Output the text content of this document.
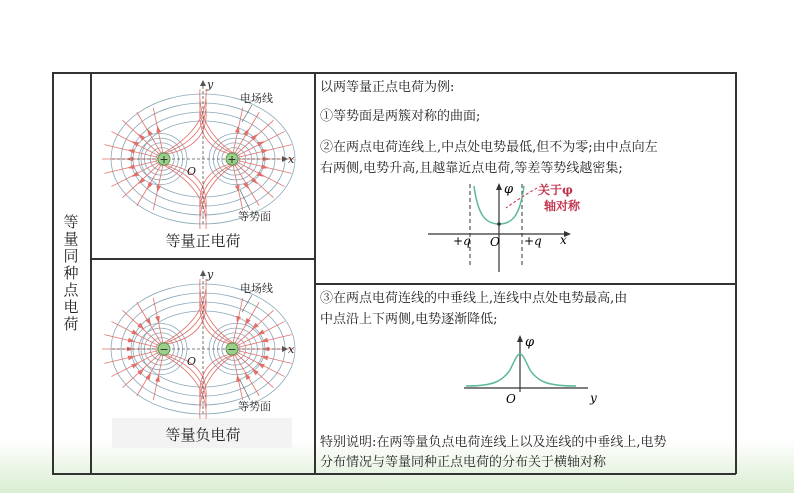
等量同种点电荷
+	+
O
x
y
电场线
等势面
等量正电荷
−	−
O
x
y
电场线
等势面
等量负电荷
以两等量正点电荷为例:
①等势面是两簇对称的曲面;
②在两点电荷连线上,中点处电势最低,但不为零;由中点向左
右两侧,电势升高,且越靠近点电荷,等差等势线越密集;
φ
O
+q	+q x
关于φ
轴对称
③在两点电荷连线的中垂线上,连线中点处电势最高,由
中点沿上下两侧,电势逐渐降低;
φ
O	y
特别说明:在两等量负点电荷连线上以及连线的中垂线上,电势
分布情况与等量同种正点电荷的分布关于横轴对称
